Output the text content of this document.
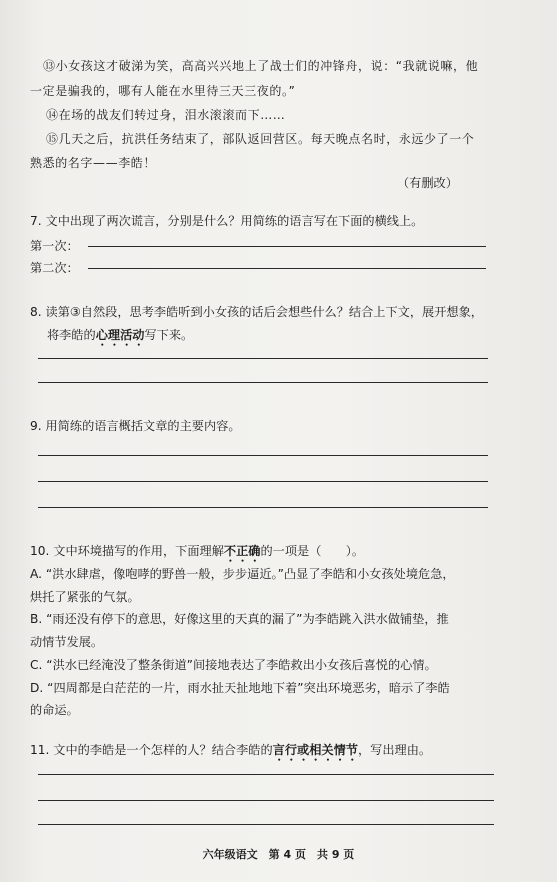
⑬小女孩这才破涕为笑，高高兴兴地上了战士们的冲锋舟，说：“我就说嘛，他
一定是骗我的，哪有人能在水里待三天三夜的。”
⑭在场的战友们转过身，泪水滚滚而下……
⑮几天之后，抗洪任务结束了，部队返回营区。每天晚点名时，永远少了一个
熟悉的名字——李皓！
（有删改）
7. 文中出现了两次谎言，分别是什么？用简练的语言写在下面的横线上。
第一次：
第二次：
8. 读第③自然段，思考李皓听到小女孩的话后会想些什么？结合上下文，展开想象，
将李皓的心理活动写下来。
9. 用简练的语言概括文章的主要内容。
10. 文中环境描写的作用，下面理解不正确的一项是（　　）。
A. “洪水肆虐，像咆哮的野兽一般，步步逼近。”凸显了李皓和小女孩处境危急，
烘托了紧张的气氛。
B. “雨还没有停下的意思，好像这里的天真的漏了”为李皓跳入洪水做铺垫，推
动情节发展。
C. “洪水已经淹没了整条街道”间接地表达了李皓救出小女孩后喜悦的心情。
D. “四周都是白茫茫的一片，雨水扯天扯地地下着”突出环境恶劣，暗示了李皓
的命运。
11. 文中的李皓是一个怎样的人？结合李皓的言行或相关情节，写出理由。
六年级语文　第 4 页　共 9 页
